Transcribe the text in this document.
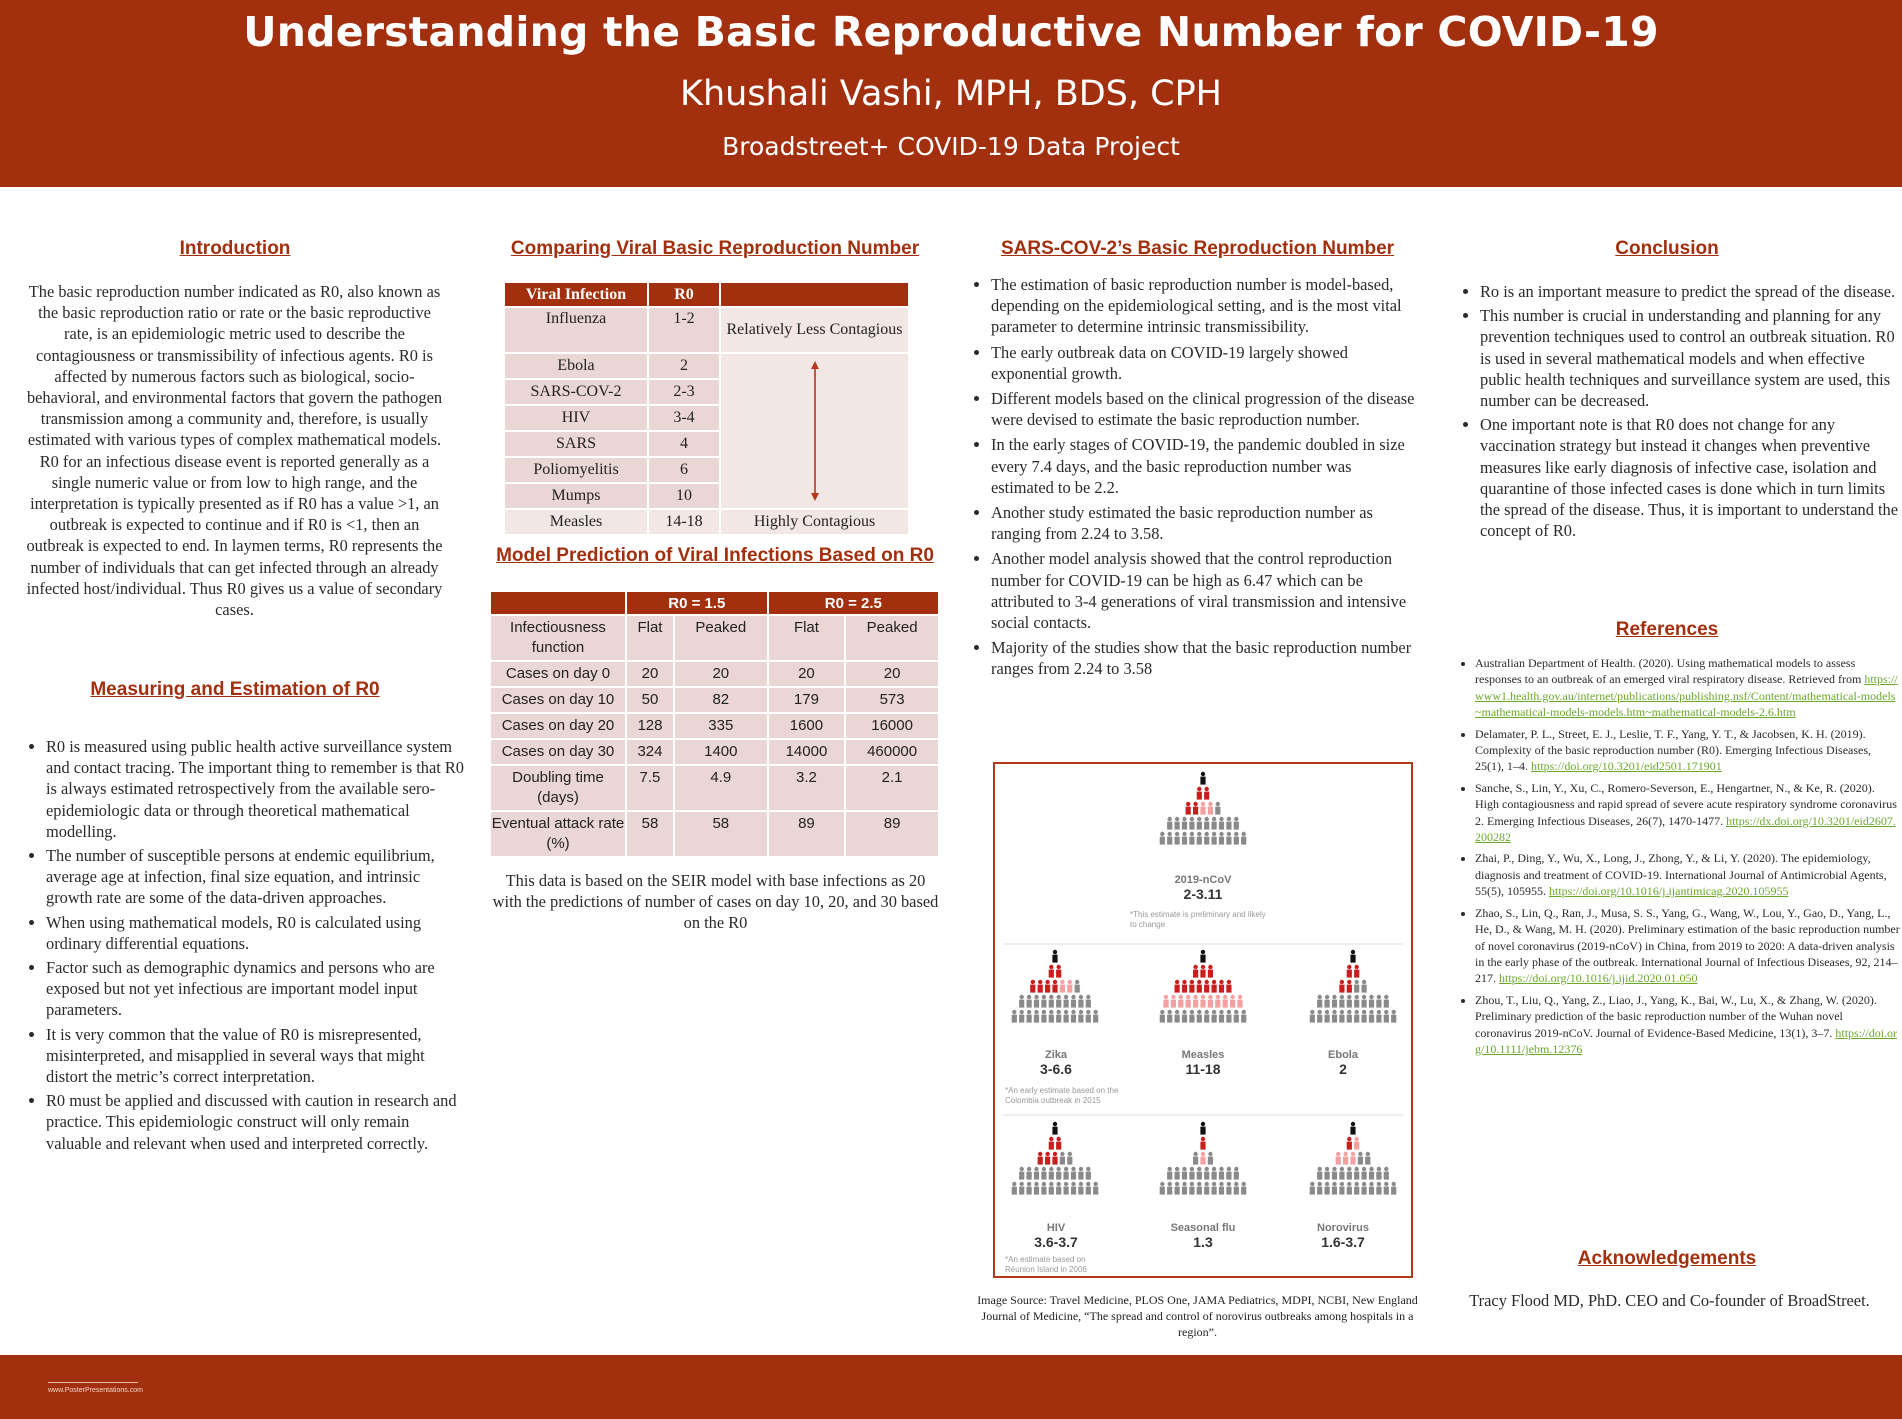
Understanding the Basic Reproductive Number for COVID-19
Khushali Vashi, MPH, BDS, CPH
Broadstreet+ COVID-19 Data Project
Introduction
The basic reproduction number indicated as R0, also known as the basic reproduction ratio or rate or the basic reproductive rate, is an epidemiologic metric used to describe the contagiousness or transmissibility of infectious agents. R0 is affected by numerous factors such as biological, socio-behavioral, and environmental factors that govern the pathogen transmission among a community and, therefore, is usually estimated with various types of complex mathematical models. R0 for an infectious disease event is reported generally as a single numeric value or from low to high range, and the interpretation is typically presented as if R0 has a value >1, an outbreak is expected to continue and if R0 is <1, then an outbreak is expected to end. In laymen terms, R0 represents the number of individuals that can get infected through an already infected host/individual. Thus R0 gives us a value of secondary cases.
Measuring and Estimation of R0
• R0 is measured using public health active surveillance system and contact tracing. The important thing to remember is that R0 is always estimated retrospectively from the available sero-epidemiologic data or through theoretical mathematical modelling.
• The number of susceptible persons at endemic equilibrium, average age at infection, final size equation, and intrinsic growth rate are some of the data-driven approaches.
• When using mathematical models, R0 is calculated using ordinary differential equations.
• Factor such as demographic dynamics and persons who are exposed but not yet infectious are important model input parameters.
• It is very common that the value of R0 is misrepresented, misinterpreted, and misapplied in several ways that might distort the metric’s correct interpretation.
• R0 must be applied and discussed with caution in research and practice. This epidemiologic construct will only remain valuable and relevant when used and interpreted correctly.
Comparing Viral Basic Reproduction Number
Viral Infection	R0	
Influenza	1-2	Relatively Less Contagious
Ebola	2	

SARS-COV-2	2-3	
HIV	3-4	
SARS	4	
Poliomyelitis	6	
Mumps	10	
Measles	14-18	Highly Contagious
Model Prediction of Viral Infections Based on R0
	R0 = 1.5		R0 = 2.5	
Infectiousness function	Flat	Peaked	Flat	Peaked
Cases on day 0	20	20	20	20
Cases on day 10	50	82	179	573
Cases on day 20	128	335	1600	16000
Cases on day 30	324	1400	14000	460000
Doubling time (days)	7.5	4.9	3.2	2.1
Eventual attack rate (%)	58	58	89	89
This data is based on the SEIR model with base infections as 20 with the predictions of number of cases on day 10, 20, and 30 based on the R0
SARS-COV-2’s Basic Reproduction Number
• The estimation of basic reproduction number is model-based, depending on the epidemiological setting, and is the most vital parameter to determine intrinsic transmissibility.
• The early outbreak data on COVID-19 largely showed exponential growth.
• Different models based on the clinical progression of the disease were devised to estimate the basic reproduction number.
• In the early stages of COVID-19, the pandemic doubled in size every 7.4 days, and the basic reproduction number was estimated to be 2.2.
• Another study estimated the basic reproduction number as ranging from 2.24 to 3.58.
• Another model analysis showed that the control reproduction number for COVID-19 can be high as 6.47 which can be attributed to 3-4 generations of viral transmission and intensive social contacts.
• Majority of the studies show that the basic reproduction number ranges from 2.24 to 3.58
2019-nCoV
2-3.11
*This estimate is preliminary and likely to change
Zika
3-6.6
*An early estimate based on the Colombia outbreak in 2015
Measles
11-18
Ebola
2
HIV
3.6-3.7
*An estimate based on Réunion Island in 2006
Seasonal flu
1.3
Norovirus
1.6-3.7
Image Source: Travel Medicine, PLOS One, JAMA Pediatrics, MDPI, NCBI, New England Journal of Medicine, “The spread and control of norovirus outbreaks among hospitals in a region”.
Conclusion
• Ro is an important measure to predict the spread of the disease.
• This number is crucial in understanding and planning for any prevention techniques used to control an outbreak situation. R0 is used in several mathematical models and when effective public health techniques and surveillance system are used, this number can be decreased.
• One important note is that R0 does not change for any vaccination strategy but instead it changes when preventive measures like early diagnosis of infective case, isolation and quarantine of those infected cases is done which in turn limits the spread of the disease. Thus, it is important to understand the concept of R0.
References
• Australian Department of Health. (2020). Using mathematical models to assess responses to an outbreak of an emerged viral respiratory disease. Retrieved from https://www1.health.gov.au/internet/publications/publishing.nsf/Content/mathematical-models~mathematical-models-models.htm~mathematical-models-2.6.htm
• Delamater, P. L., Street, E. J., Leslie, T. F., Yang, Y. T., & Jacobsen, K. H. (2019). Complexity of the basic reproduction number (R0). Emerging Infectious Diseases, 25(1), 1–4. https://doi.org/10.3201/eid2501.171901
• Sanche, S., Lin, Y., Xu, C., Romero-Severson, E., Hengartner, N., & Ke, R. (2020). High contagiousness and rapid spread of severe acute respiratory syndrome coronavirus 2. Emerging Infectious Diseases, 26(7), 1470-1477. https://dx.doi.org/10.3201/eid2607.200282
• Zhai, P., Ding, Y., Wu, X., Long, J., Zhong, Y., & Li, Y. (2020). The epidemiology, diagnosis and treatment of COVID-19. International Journal of Antimicrobial Agents, 55(5), 105955. https://doi.org/10.1016/j.ijantimicag.2020.105955
• Zhao, S., Lin, Q., Ran, J., Musa, S. S., Yang, G., Wang, W., Lou, Y., Gao, D., Yang, L., He, D., & Wang, M. H. (2020). Preliminary estimation of the basic reproduction number of novel coronavirus (2019-nCoV) in China, from 2019 to 2020: A data-driven analysis in the early phase of the outbreak. International Journal of Infectious Diseases, 92, 214–217. https://doi.org/10.1016/j.ijid.2020.01.050
• Zhou, T., Liu, Q., Yang, Z., Liao, J., Yang, K., Bai, W., Lu, X., & Zhang, W. (2020). Preliminary prediction of the basic reproduction number of the Wuhan novel coronavirus 2019-nCoV. Journal of Evidence-Based Medicine, 13(1), 3–7. https://doi.org/10.1111/jebm.12376
Acknowledgements
Tracy Flood MD, PhD. CEO and Co-founder of BroadStreet.
www.PosterPresentations.com
